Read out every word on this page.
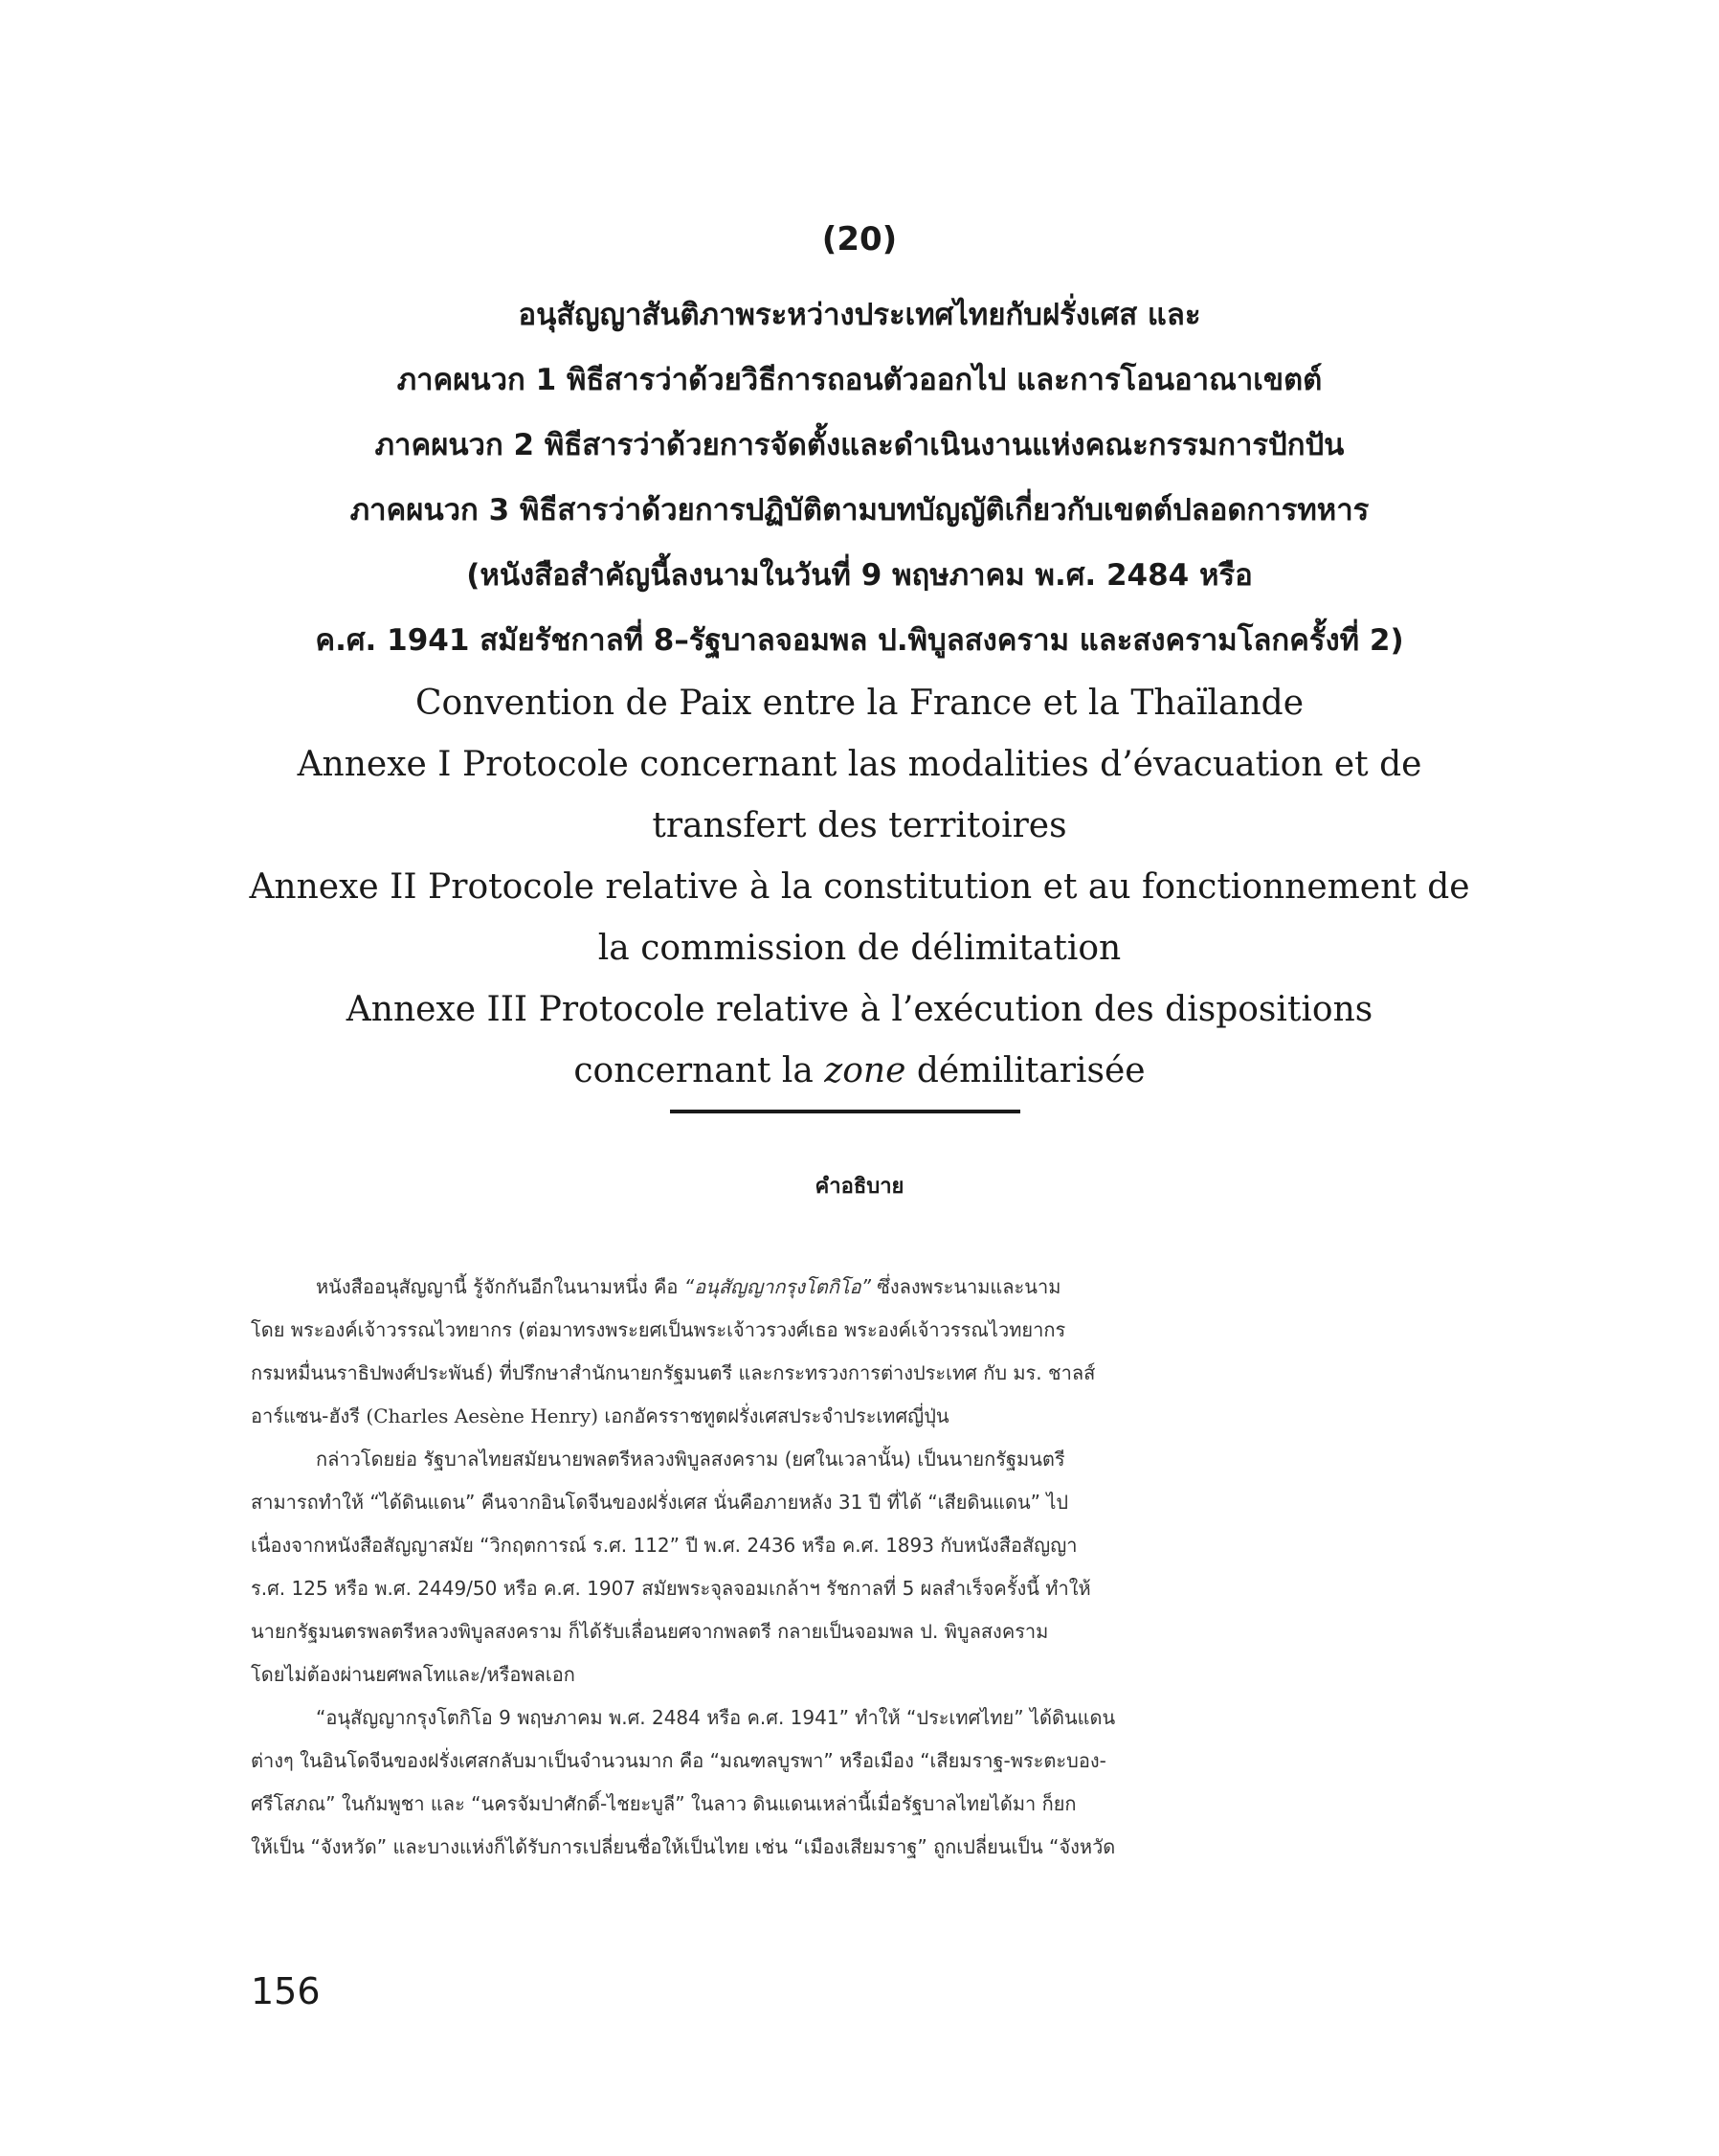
(20)
อนุสัญญาสันติภาพระหว่างประเทศไทยกับฝรั่งเศส และ
ภาคผนวก 1 พิธีสารว่าด้วยวิธีการถอนตัวออกไป และการโอนอาณาเขตต์
ภาคผนวก 2 พิธีสารว่าด้วยการจัดตั้งและดำเนินงานแห่งคณะกรรมการปักปัน
ภาคผนวก 3 พิธีสารว่าด้วยการปฏิบัติตามบทบัญญัติเกี่ยวกับเขตต์ปลอดการทหาร
(หนังสือสำคัญนี้ลงนามในวันที่ 9 พฤษภาคม พ.ศ. 2484 หรือ
ค.ศ. 1941 สมัยรัชกาลที่ 8–รัฐบาลจอมพล ป.พิบูลสงคราม และสงครามโลกครั้งที่ 2)
Convention de Paix entre la France et la Thaïlande
Annexe I Protocole concernant las modalities d’évacuation et de
transfert des territoires
Annexe II Protocole relative à la constitution et au fonctionnement de
la commission de délimitation
Annexe III Protocole relative à l’exécution des dispositions
concernant la zone démilitarisée
คำอธิบาย
หนังสืออนุสัญญานี้ รู้จักกันอีกในนามหนึ่ง คือ “อนุสัญญากรุงโตกิโอ” ซึ่งลงพระนามและนาม
โดย พระองค์เจ้าวรรณไวทยากร (ต่อมาทรงพระยศเป็นพระเจ้าวรวงศ์เธอ พระองค์เจ้าวรรณไวทยากร
กรมหมื่นนราธิปพงศ์ประพันธ์) ที่ปรึกษาสำนักนายกรัฐมนตรี และกระทรวงการต่างประเทศ กับ มร. ชาลส์
อาร์แซน-ฮังรี (Charles Aesène Henry) เอกอัครราชทูตฝรั่งเศสประจำประเทศญี่ปุ่น
กล่าวโดยย่อ รัฐบาลไทยสมัยนายพลตรีหลวงพิบูลสงคราม (ยศในเวลานั้น) เป็นนายกรัฐมนตรี
สามารถทำให้ “ได้ดินแดน” คืนจากอินโดจีนของฝรั่งเศส นั่นคือภายหลัง 31 ปี ที่ได้ “เสียดินแดน” ไป
เนื่องจากหนังสือสัญญาสมัย “วิกฤตการณ์ ร.ศ. 112” ปี พ.ศ. 2436 หรือ ค.ศ. 1893 กับหนังสือสัญญา
ร.ศ. 125 หรือ พ.ศ. 2449/50 หรือ ค.ศ. 1907 สมัยพระจุลจอมเกล้าฯ รัชกาลที่ 5 ผลสำเร็จครั้งนี้ ทำให้
นายกรัฐมนตรพลตรีหลวงพิบูลสงคราม ก็ได้รับเลื่อนยศจากพลตรี กลายเป็นจอมพล ป. พิบูลสงคราม
โดยไม่ต้องผ่านยศพลโทและ/หรือพลเอก
“อนุสัญญากรุงโตกิโอ 9 พฤษภาคม พ.ศ. 2484 หรือ ค.ศ. 1941” ทำให้ “ประเทศไทย” ได้ดินแดน
ต่างๆ ในอินโดจีนของฝรั่งเศสกลับมาเป็นจำนวนมาก คือ “มณฑลบูรพา” หรือเมือง “เสียมราฐ-พระตะบอง-
ศรีโสภณ” ในกัมพูชา และ “นครจัมปาศักดิ์-ไชยะบูลี” ในลาว ดินแดนเหล่านี้เมื่อรัฐบาลไทยได้มา ก็ยก
ให้เป็น “จังหวัด” และบางแห่งก็ได้รับการเปลี่ยนชื่อให้เป็นไทย เช่น “เมืองเสียมราฐ” ถูกเปลี่ยนเป็น “จังหวัด
156
